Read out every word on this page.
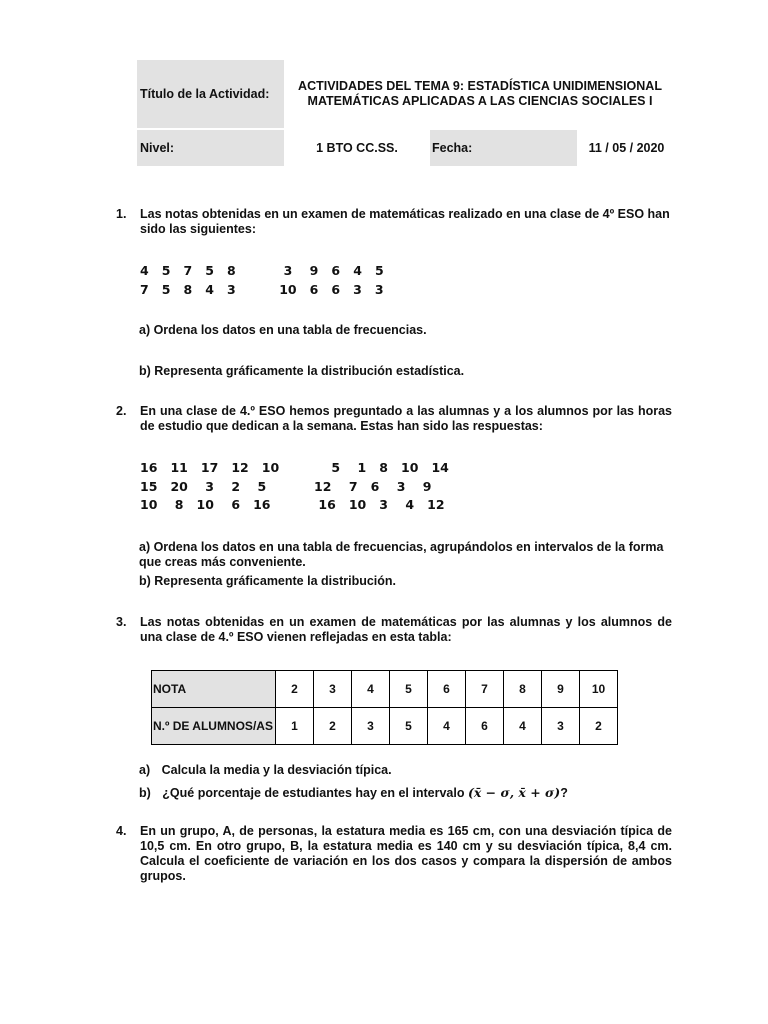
Título de la Actividad:
ACTIVIDADES DEL TEMA 9: ESTADÍSTICA UNIDIMENSIONAL
MATEMÁTICAS APLICADAS A LAS CIENCIAS SOCIALES I
Nivel:	1 BTO CC.SS.	Fecha:	11 / 05 / 2020
1. Las notas obtenidas en un examen de matemáticas realizado en una clase de 4º ESO han sido las siguientes:
4   5   7   5   8           3    9   6   4   5
7   5   8   4   3          10   6   6   3   3
a) Ordena los datos en una tabla de frecuencias.
b) Representa gráficamente la distribución estadística.
2. En una clase de 4.º ESO hemos preguntado a las alumnas y a los alumnos por las horas de estudio que dedican a la semana. Estas han sido las respuestas:
16   11   17   12   10            5    1   8   10   14
15   20    3    2    5           12    7   6    3    9
10    8   10    6   16           16   10   3    4   12
a) Ordena los datos en una tabla de frecuencias, agrupándolos en intervalos de la forma que creas más conveniente.
b) Representa gráficamente la distribución.
3. Las notas obtenidas en un examen de matemáticas por las alumnas y los alumnos de una clase de 4.º ESO vienen reflejadas en esta tabla:
NOTA	2	3	4	5	6	7	8	9	10
N.º DE ALUMNOS/AS	1	2	3	5	4	6	4	3	2
a) Calcula la media y la desviación típica.
b) ¿Qué porcentaje de estudiantes hay en el intervalo (x̄ − σ, x̄ + σ)?
4. En un grupo, A, de personas, la estatura media es 165 cm, con una desviación típica de 10,5 cm. En otro grupo, B, la estatura media es 140 cm y su desviación típica, 8,4 cm. Calcula el coeficiente de variación en los dos casos y compara la dispersión de ambos grupos.
